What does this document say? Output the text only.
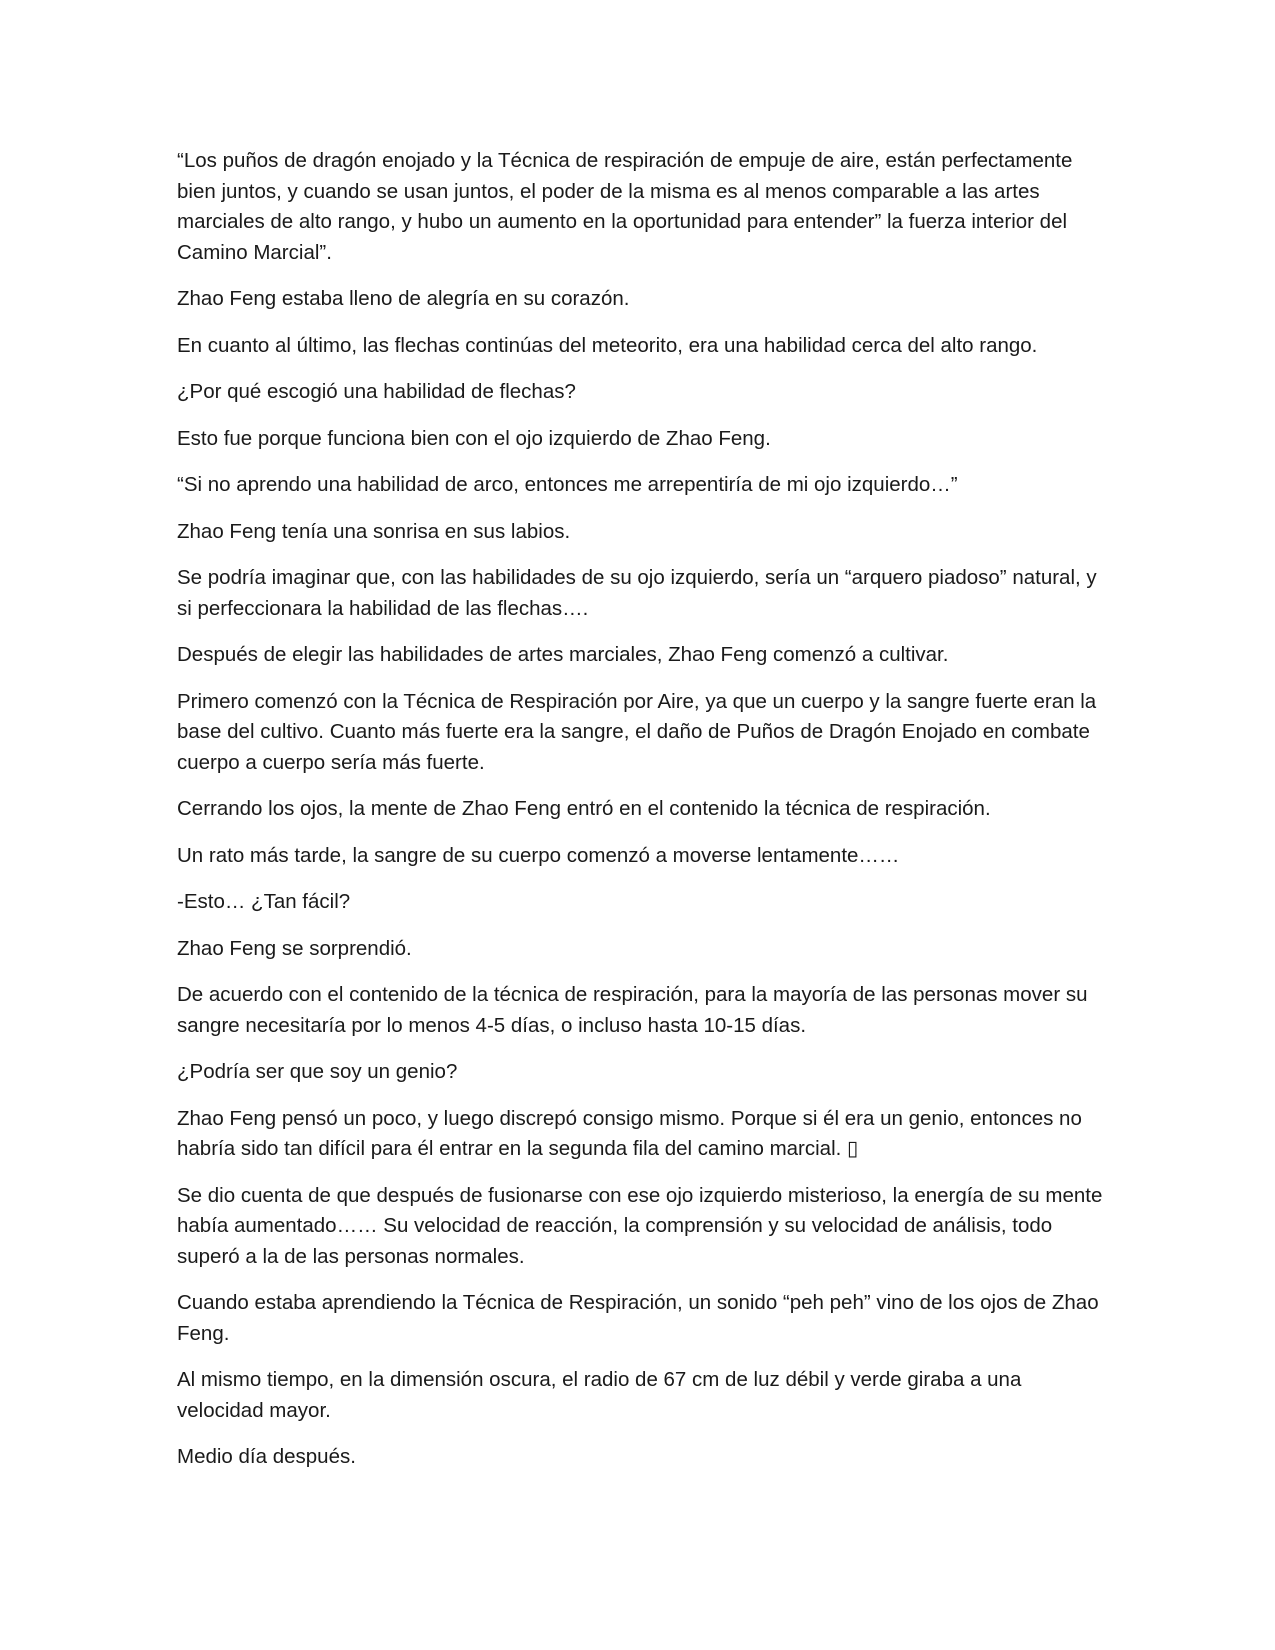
“Los puños de dragón enojado y la Técnica de respiración de empuje de aire, están perfectamente bien juntos, y cuando se usan juntos, el poder de la misma es al menos comparable a las artes marciales de alto rango, y hubo un aumento en la oportunidad para entender” la fuerza interior del Camino Marcial”.

Zhao Feng estaba lleno de alegría en su corazón.

En cuanto al último, las flechas continúas del meteorito, era una habilidad cerca del alto rango.

¿Por qué escogió una habilidad de flechas?

Esto fue porque funciona bien con el ojo izquierdo de Zhao Feng.

“Si no aprendo una habilidad de arco, entonces me arrepentiría de mi ojo izquierdo…”

Zhao Feng tenía una sonrisa en sus labios.

Se podría imaginar que, con las habilidades de su ojo izquierdo, sería un “arquero piadoso” natural, y si perfeccionara la habilidad de las flechas….

Después de elegir las habilidades de artes marciales, Zhao Feng comenzó a cultivar.

Primero comenzó con la Técnica de Respiración por Aire, ya que un cuerpo y la sangre fuerte eran la base del cultivo. Cuanto más fuerte era la sangre, el daño de Puños de Dragón Enojado en combate cuerpo a cuerpo sería más fuerte.

Cerrando los ojos, la mente de Zhao Feng entró en el contenido la técnica de respiración.

Un rato más tarde, la sangre de su cuerpo comenzó a moverse lentamente……

-Esto… ¿Tan fácil?

Zhao Feng se sorprendió.

De acuerdo con el contenido de la técnica de respiración, para la mayoría de las personas mover su sangre necesitaría por lo menos 4-5 días, o incluso hasta 10-15 días.

¿Podría ser que soy un genio?

Zhao Feng pensó un poco, y luego discrepó consigo mismo. Porque si él era un genio, entonces no habría sido tan difícil para él entrar en la segunda fila del camino marcial. ▯

Se dio cuenta de que después de fusionarse con ese ojo izquierdo misterioso, la energía de su mente había aumentado…… Su velocidad de reacción, la comprensión y su velocidad de análisis, todo superó a la de las personas normales.

Cuando estaba aprendiendo la Técnica de Respiración, un sonido “peh peh” vino de los ojos de Zhao Feng.

Al mismo tiempo, en la dimensión oscura, el radio de 67 cm de luz débil y verde giraba a una velocidad mayor.

Medio día después.
